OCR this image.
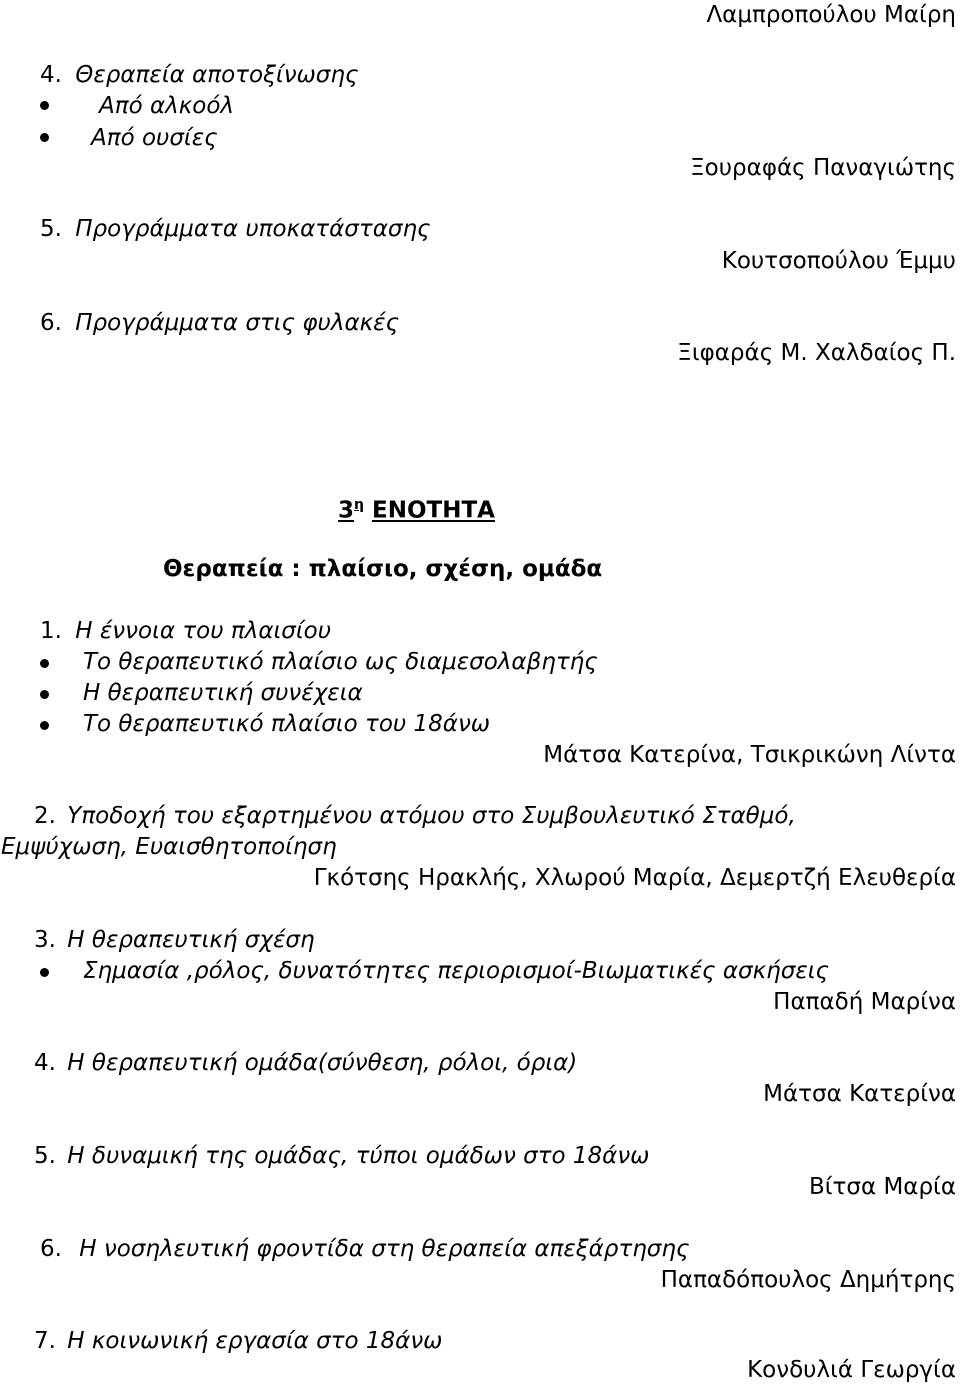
Λαμπροπούλου Μαίρη
4. Θεραπεία αποτοξίνωσης
Από αλκοόλ
Από ουσίες
Ξουραφάς Παναγιώτης
5. Προγράμματα υποκατάστασης
Κουτσοπούλου Έμμυ
6. Προγράμματα στις φυλακές
Ξιφαράς Μ. Χαλδαίος Π.
$3^\eta$ ΕΝΟΤΗΤΑ
Θεραπεία : πλαίσιο, σχέση, ομάδα
1. Η έννοια του πλαισίου
Το θεραπευτικό πλαίσιο ως διαμεσολαβητής
Η θεραπευτική συνέχεια
Το θεραπευτικό πλαίσιο του 18άνω
Μάτσα Κατερίνα, Τσικρικώνη Λίντα
2. Υποδοχή του εξαρτημένου ατόμου στο Συμβουλευτικό Σταθμό,
Εμψύχωση, Ευαισθητοποίηση
Γκότσης Ηρακλής, Χλωρού Μαρία, Δεμερτζή Ελευθερία
3. Η θεραπευτική σχέση
Σημασία ,ρόλος, δυνατότητες περιορισμοί-Βιωματικές ασκήσεις
Παπαδή Μαρίνα
4. Η θεραπευτική ομάδα(σύνθεση, ρόλοι, όρια)
Μάτσα Κατερίνα
5. Η δυναμική της ομάδας, τύποι ομάδων στο 18άνω
Βίτσα Μαρία
6. Η νοσηλευτική φροντίδα στη θεραπεία απεξάρτησης
Παπαδόπουλος Δημήτρης
7. Η κοινωνική εργασία στο 18άνω
Κονδυλιά Γεωργία
